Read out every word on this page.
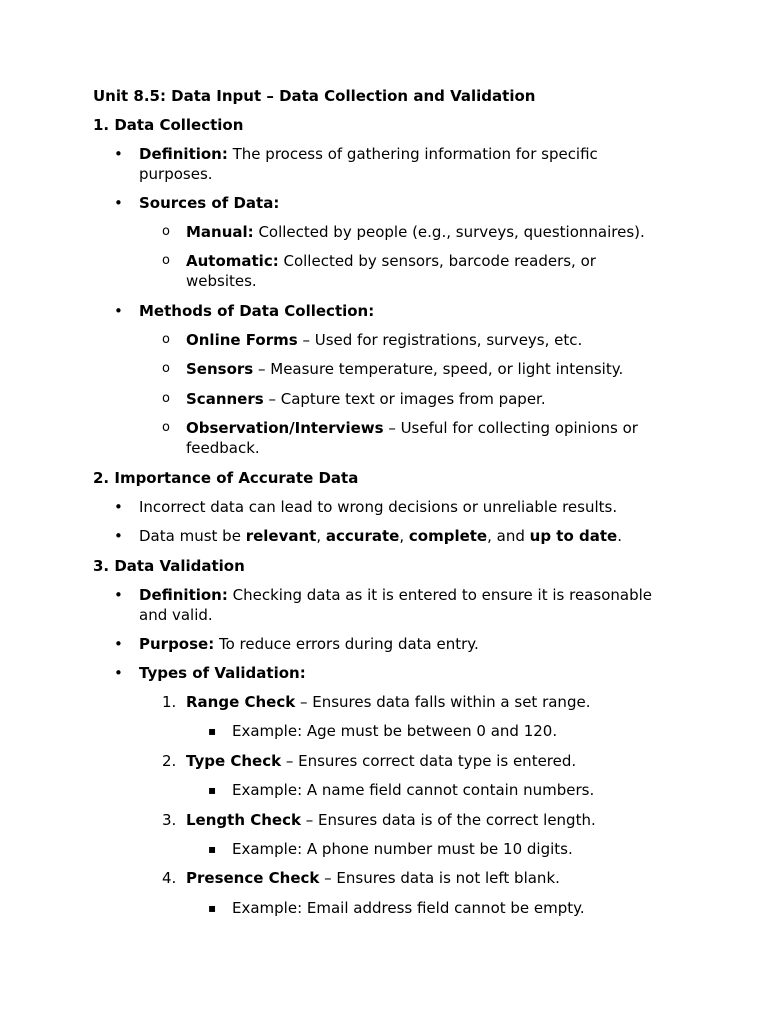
Unit 8.5: Data Input – Data Collection and Validation
1. Data Collection
• Definition: The process of gathering information for specific
purposes.
• Sources of Data:
o Manual: Collected by people (e.g., surveys, questionnaires).
o Automatic: Collected by sensors, barcode readers, or
websites.
• Methods of Data Collection:
o Online Forms – Used for registrations, surveys, etc.
o Sensors – Measure temperature, speed, or light intensity.
o Scanners – Capture text or images from paper.
o Observation/Interviews – Useful for collecting opinions or
feedback.
2. Importance of Accurate Data
• Incorrect data can lead to wrong decisions or unreliable results.
• Data must be relevant, accurate, complete, and up to date.
3. Data Validation
• Definition: Checking data as it is entered to ensure it is reasonable
and valid.
• Purpose: To reduce errors during data entry.
• Types of Validation:
1. Range Check – Ensures data falls within a set range.
▪ Example: Age must be between 0 and 120.
2. Type Check – Ensures correct data type is entered.
▪ Example: A name field cannot contain numbers.
3. Length Check – Ensures data is of the correct length.
▪ Example: A phone number must be 10 digits.
4. Presence Check – Ensures data is not left blank.
▪ Example: Email address field cannot be empty.
